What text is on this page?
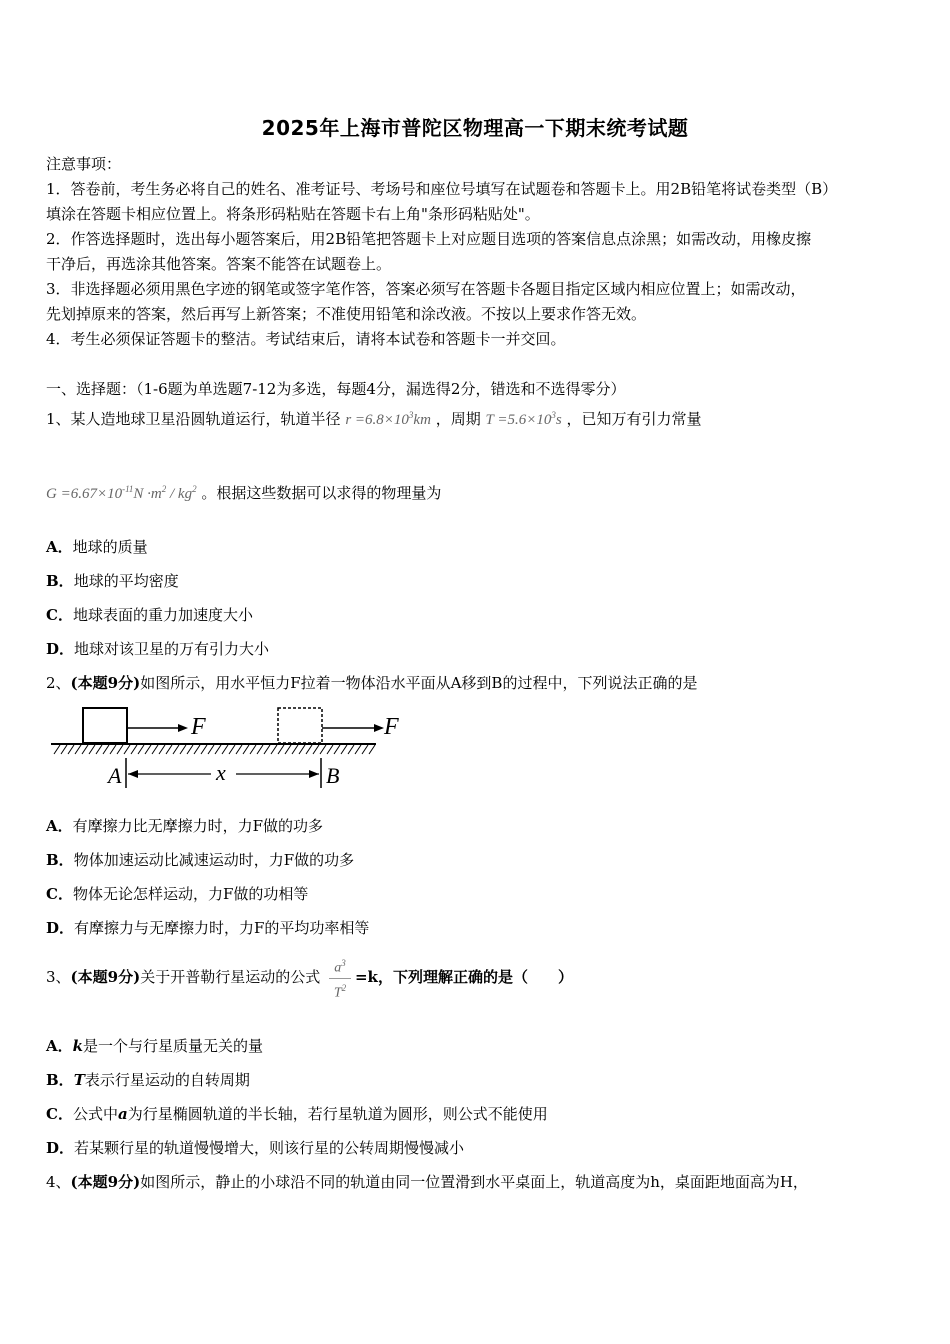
2025年上海市普陀区物理高一下期末统考试题
注意事项：
1．答卷前，考生务必将自己的姓名、准考证号、考场号和座位号填写在试题卷和答题卡上。用2B铅笔将试卷类型（B）
填涂在答题卡相应位置上。将条形码粘贴在答题卡右上角"条形码粘贴处"。
2．作答选择题时，选出每小题答案后，用2B铅笔把答题卡上对应题目选项的答案信息点涂黑；如需改动，用橡皮擦
干净后，再选涂其他答案。答案不能答在试题卷上。
3．非选择题必须用黑色字迹的钢笔或签字笔作答，答案必须写在答题卡各题目指定区域内相应位置上；如需改动，
先划掉原来的答案，然后再写上新答案；不准使用铅笔和涂改液。不按以上要求作答无效。
4．考生必须保证答题卡的整洁。考试结束后，请将本试卷和答题卡一并交回。
一、选择题：（1-6题为单选题7-12为多选，每题4分，漏选得2分，错选和不选得零分）
1、某人造地球卫星沿圆轨道运行，轨道半径 $r =6.8\times 10^3km$ ，周期 $T =5.6\times 10^3s$ ，已知万有引力常量
$G =6.67\times 10^{-11}N \cdot m^2 / kg^2$ 。根据这些数据可以求得的物理量为
A．地球的质量
B．地球的平均密度
C．地球表面的重力加速度大小
D．地球对该卫星的万有引力大小
2、(本题9分)如图所示，用水平恒力F拉着一物体沿水平面从A移到B的过程中，下列说法正确的是
F	F
A	B
x
A．有摩擦力比无摩擦力时，力F做的功多
B．物体加速运动比减速运动时，力F做的功多
C．物体无论怎样运动，力F做的功相等
D．有摩擦力与无摩擦力时，力F的平均功率相等
3、(本题9分)关于开普勒行星运动的公式 $\frac{a^3}{T^2} =k$，下列理解正确的是（　　）
A．k是一个与行星质量无关的量
B．T表示行星运动的自转周期
C．公式中a为行星椭圆轨道的半长轴，若行星轨道为圆形，则公式不能使用
D．若某颗行星的轨道慢慢增大，则该行星的公转周期慢慢减小
4、(本题9分)如图所示，静止的小球沿不同的轨道由同一位置滑到水平桌面上，轨道高度为h，桌面距地面高为H，
